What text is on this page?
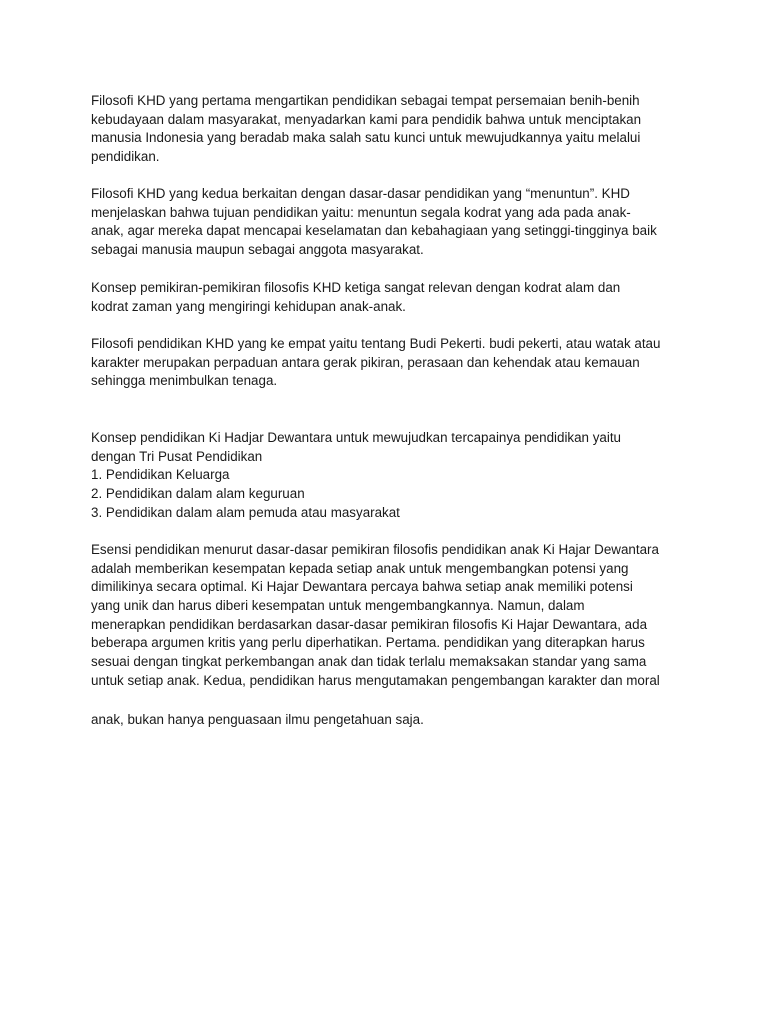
Filosofi KHD yang pertama mengartikan pendidikan sebagai tempat persemaian benih-benih
kebudayaan dalam masyarakat, menyadarkan kami para pendidik bahwa untuk menciptakan
manusia Indonesia yang beradab maka salah satu kunci untuk mewujudkannya yaitu melalui
pendidikan.
Filosofi KHD yang kedua berkaitan dengan dasar-dasar pendidikan yang “menuntun”. KHD
menjelaskan bahwa tujuan pendidikan yaitu: menuntun segala kodrat yang ada pada anak-
anak, agar mereka dapat mencapai keselamatan dan kebahagiaan yang setinggi-tingginya baik
sebagai manusia maupun sebagai anggota masyarakat.
Konsep pemikiran-pemikiran filosofis KHD ketiga sangat relevan dengan kodrat alam dan
kodrat zaman yang mengiringi kehidupan anak-anak.
Filosofi pendidikan KHD yang ke empat yaitu tentang Budi Pekerti. budi pekerti, atau watak atau
karakter merupakan perpaduan antara gerak pikiran, perasaan dan kehendak atau kemauan
sehingga menimbulkan tenaga.
Konsep pendidikan Ki Hadjar Dewantara untuk mewujudkan tercapainya pendidikan yaitu
dengan Tri Pusat Pendidikan
1. Pendidikan Keluarga
2. Pendidikan dalam alam keguruan
3. Pendidikan dalam alam pemuda atau masyarakat
Esensi pendidikan menurut dasar-dasar pemikiran filosofis pendidikan anak Ki Hajar Dewantara
adalah memberikan kesempatan kepada setiap anak untuk mengembangkan potensi yang
dimilikinya secara optimal. Ki Hajar Dewantara percaya bahwa setiap anak memiliki potensi
yang unik dan harus diberi kesempatan untuk mengembangkannya. Namun, dalam
menerapkan pendidikan berdasarkan dasar-dasar pemikiran filosofis Ki Hajar Dewantara, ada
beberapa argumen kritis yang perlu diperhatikan. Pertama. pendidikan yang diterapkan harus
sesuai dengan tingkat perkembangan anak dan tidak terlalu memaksakan standar yang sama
untuk setiap anak. Kedua, pendidikan harus mengutamakan pengembangan karakter dan moral
anak, bukan hanya penguasaan ilmu pengetahuan saja.
